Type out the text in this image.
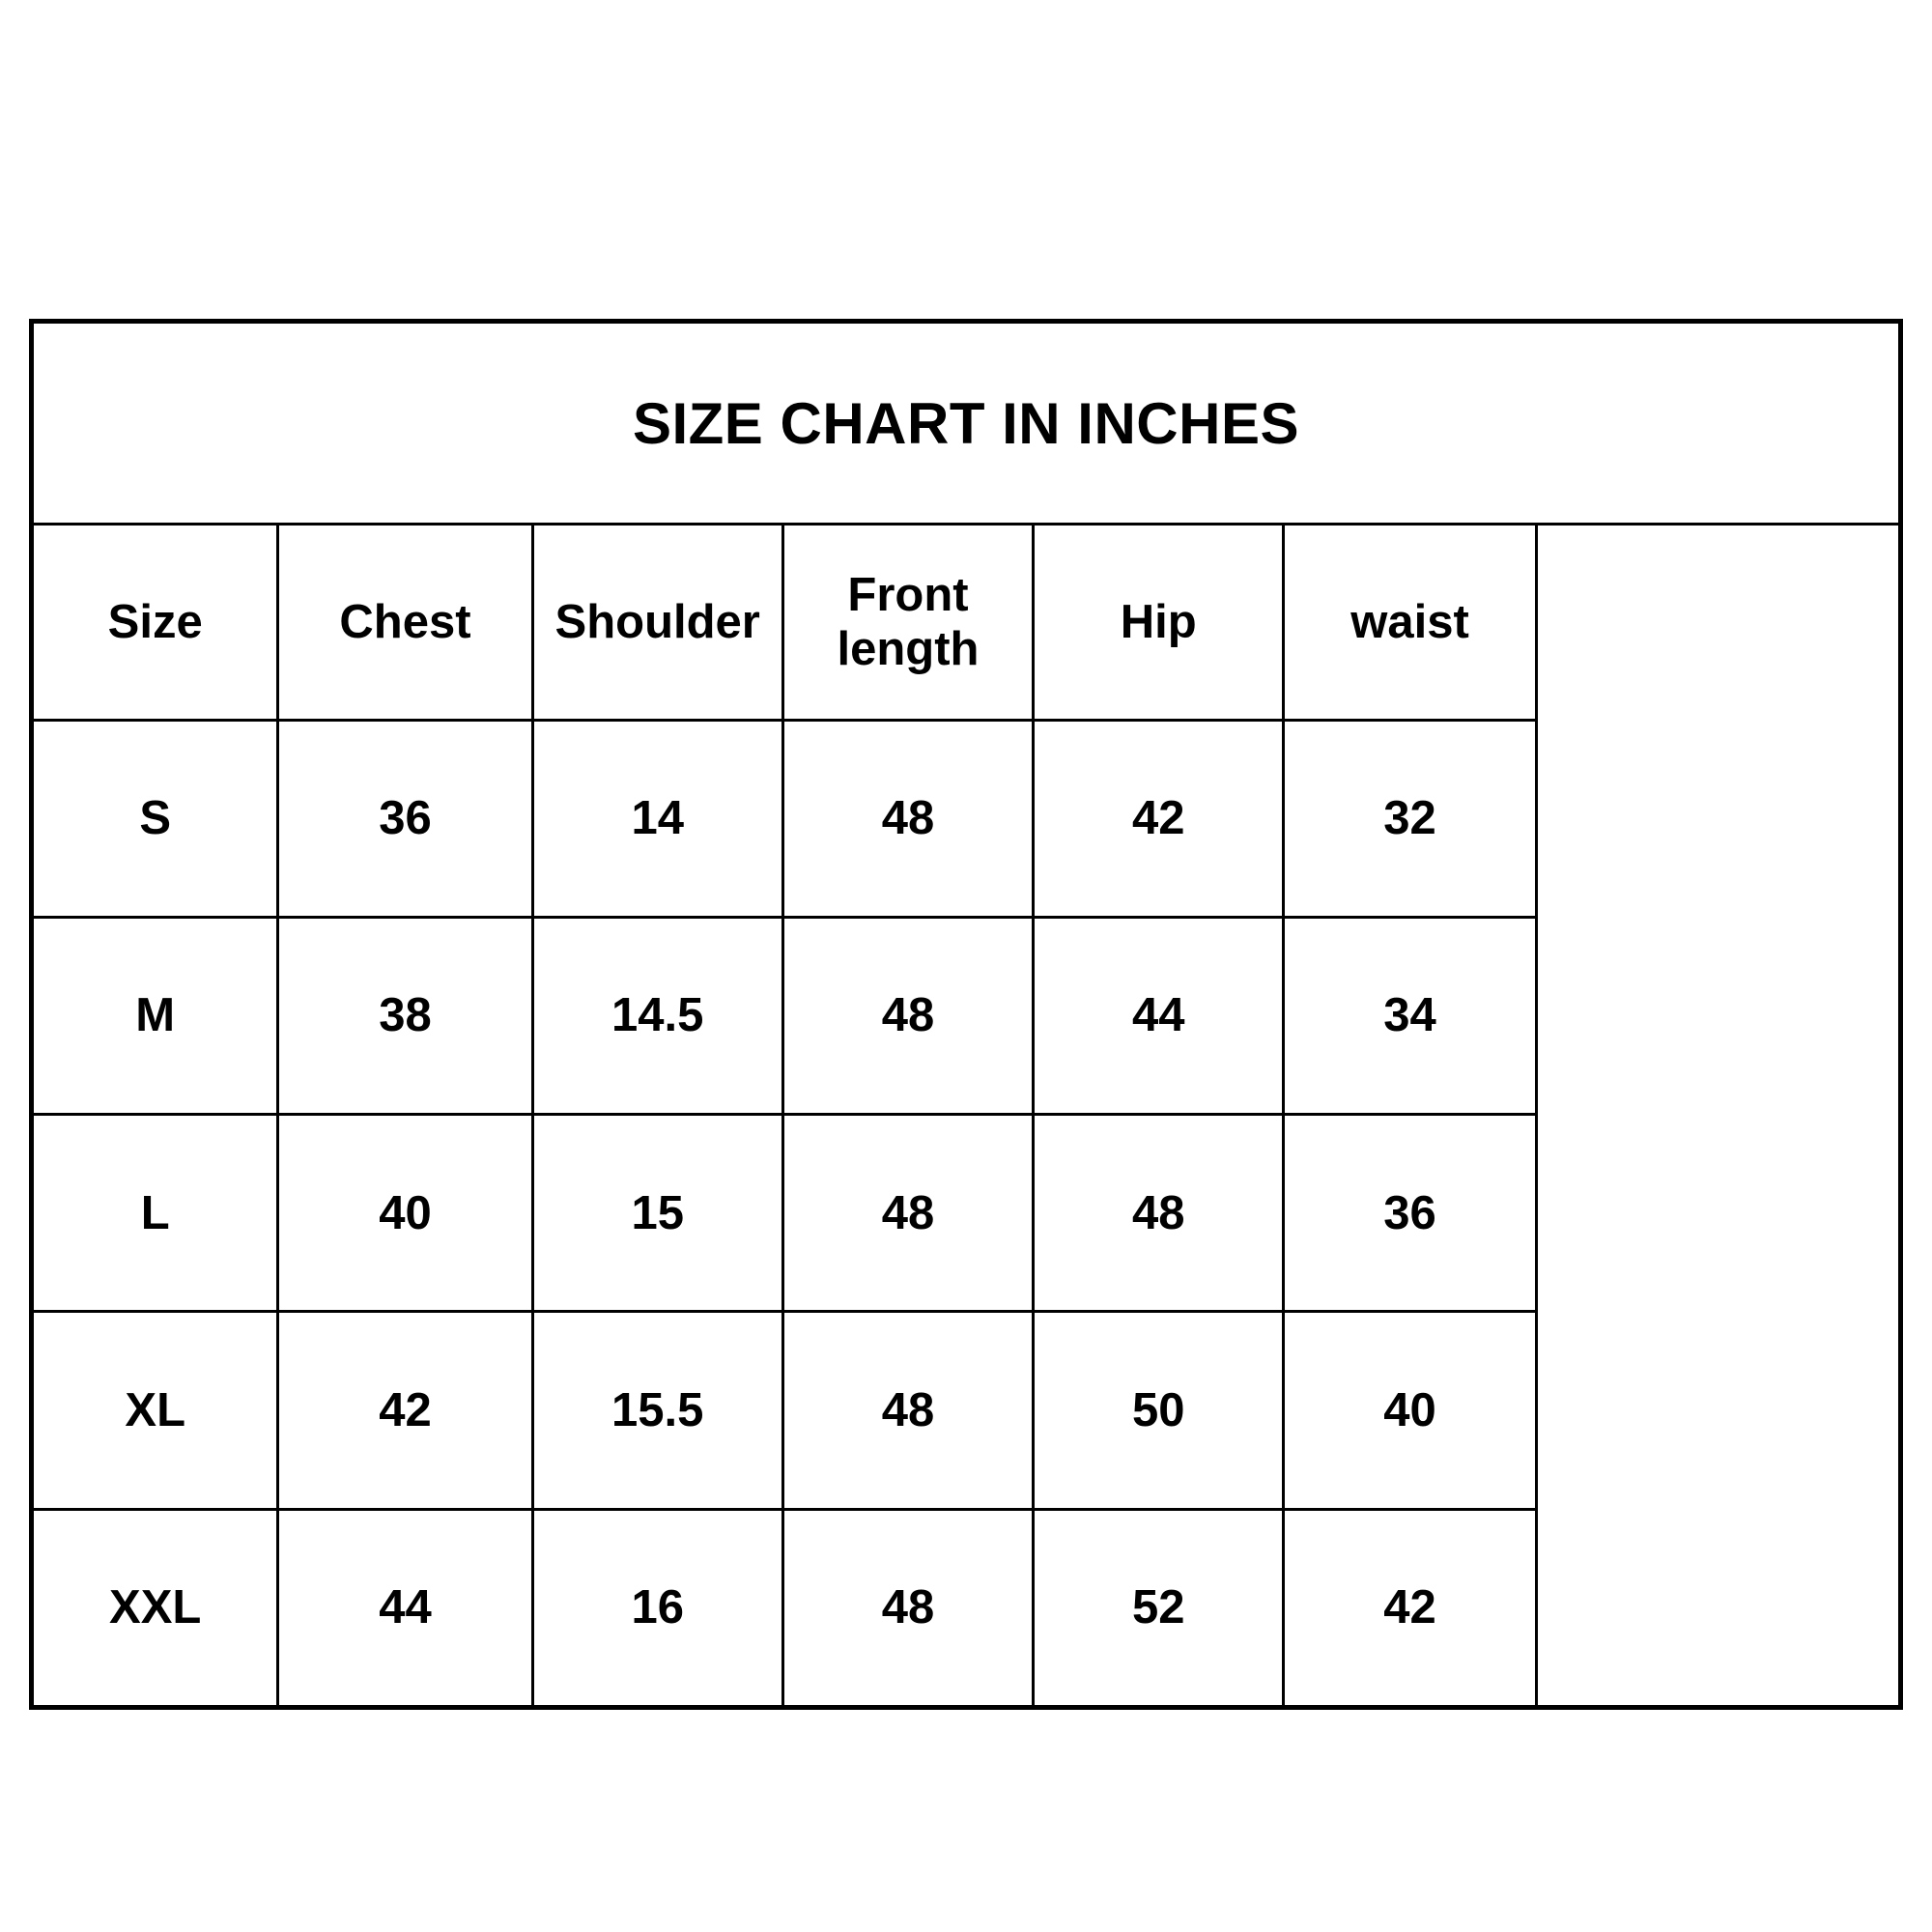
SIZE CHART IN INCHES						
Size	Chest	Shoulder	Front length	Hip	waist	
S	36	14	48	42	32	
M	38	14.5	48	44	34	
L	40	15	48	48	36	
XL	42	15.5	48	50	40	
XXL	44	16	48	52	42	
